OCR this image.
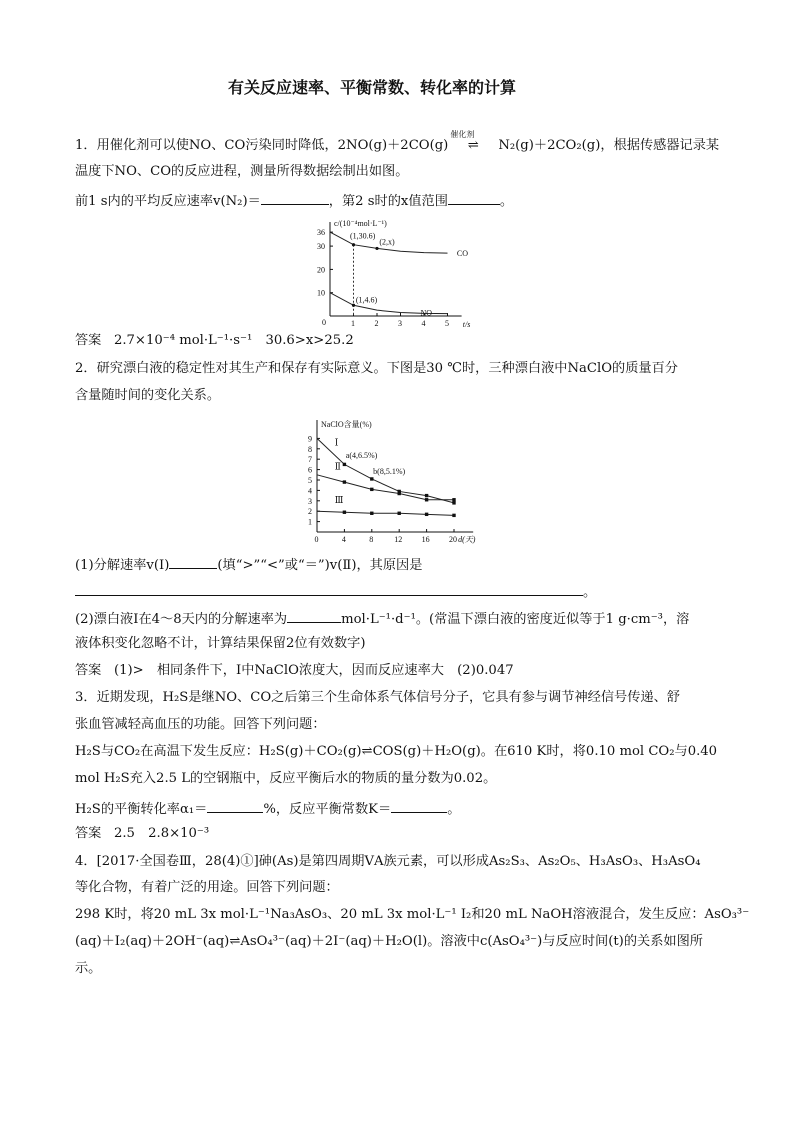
有关反应速率、平衡常数、转化率的计算
1．用催化剂可以使NO、CO污染同时降低，2NO(g)＋2CO(g)
催化剂
⇌ N₂(g)＋2CO₂(g)，根据传感器记录某
温度下NO、CO的反应进程，测量所得数据绘制出如图。
前1 s内的平均反应速率v(N₂)＝	，第2 s时的x值范围	。
c/(10⁻⁴mol·L⁻¹)
t/s
0	1 2 3 4 5
10
20
30
36
CO
NO
(1,30.6)
(2,x)
(1,4.6)
答案 2.7×10⁻⁴ mol·L⁻¹·s⁻¹　30.6>x>25.2
2．研究漂白液的稳定性对其生产和保存有实际意义。下图是30 ℃时，三种漂白液中NaClO的质量百分
含量随时间的变化关系。
NaClO含量(%)
d(天)
0	4	8	12 16 20
1
2
3
4
5
6
7
8
9	Ⅰ
Ⅱ
Ⅲ
a(4,6.5%)
b(8,5.1%)
(1)分解速率v(Ⅰ)	(填“>”“<”或“＝”)v(Ⅱ)，其原因是
。
(2)漂白液Ⅰ在4～8天内的分解速率为	mol·L⁻¹·d⁻¹。(常温下漂白液的密度近似等于1 g·cm⁻³，溶
液体积变化忽略不计，计算结果保留2位有效数字)
答案 (1)>　相同条件下，Ⅰ中NaClO浓度大，因而反应速率大　(2)0.047
3．近期发现，H₂S是继NO、CO之后第三个生命体系气体信号分子，它具有参与调节神经信号传递、舒
张血管减轻高血压的功能。回答下列问题：
H₂S与CO₂在高温下发生反应：H₂S(g)＋CO₂(g)⇌COS(g)＋H₂O(g)。在610 K时，将0.10 mol CO₂与0.40
mol H₂S充入2.5 L的空钢瓶中，反应平衡后水的物质的量分数为0.02。
H₂S的平衡转化率α₁＝	%，反应平衡常数K＝	。
答案 2.5　2.8×10⁻³
4．[2017·全国卷Ⅲ，28(4)①]砷(As)是第四周期ⅤA族元素，可以形成As₂S₃、As₂O₅、H₃AsO₃、H₃AsO₄
等化合物，有着广泛的用途。回答下列问题：
298 K时，将20 mL 3x mol·L⁻¹Na₃AsO₃、20 mL 3x mol·L⁻¹ I₂和20 mL NaOH溶液混合，发生反应：AsO₃³⁻
(aq)＋I₂(aq)＋2OH⁻(aq)⇌AsO₄³⁻(aq)＋2I⁻(aq)＋H₂O(l)。溶液中c(AsO₄³⁻)与反应时间(t)的关系如图所
示。
